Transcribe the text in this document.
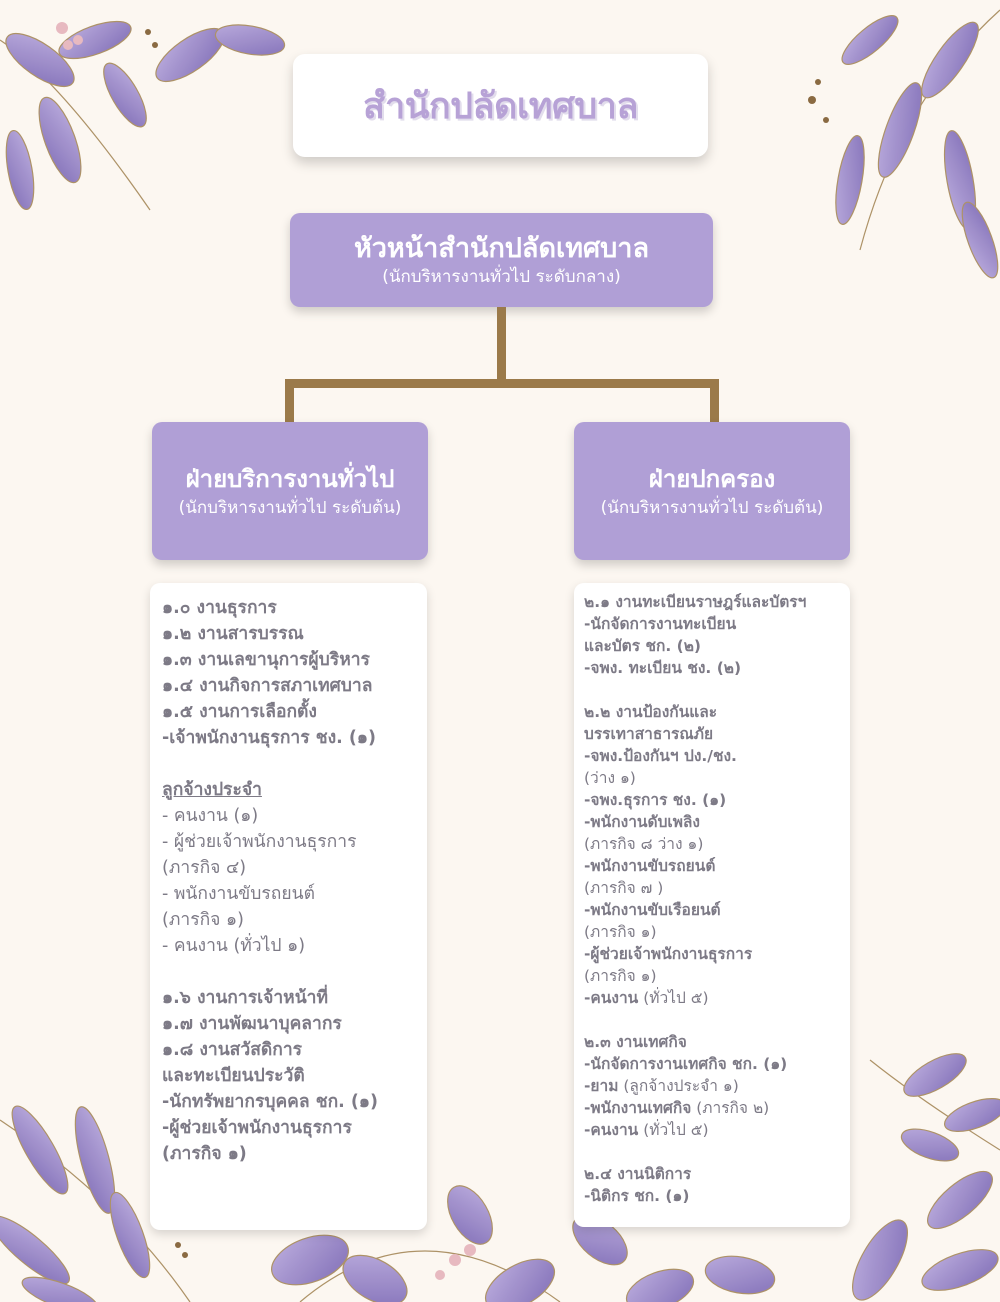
สำนักปลัดเทศบาล
หัวหน้าสำนักปลัดเทศบาล
(นักบริหารงานทั่วไป ระดับกลาง)
ฝ่ายบริการงานทั่วไป
(นักบริหารงานทั่วไป ระดับต้น)
ฝ่ายปกครอง
(นักบริหารงานทั่วไป ระดับต้น)
๑.๐ งานธุรการ
๑.๒ งานสารบรรณ
๑.๓ งานเลขานุการผู้บริหาร
๑.๔ งานกิจการสภาเทศบาล
๑.๕ งานการเลือกตั้ง
-เจ้าพนักงานธุรการ ชง. (๑)
ลูกจ้างประจำ
- คนงาน (๑)
- ผู้ช่วยเจ้าพนักงานธุรการ
(ภารกิจ ๔)
- พนักงานขับรถยนต์
(ภารกิจ ๑)
- คนงาน (ทั่วไป ๑)
๑.๖ งานการเจ้าหน้าที่
๑.๗ งานพัฒนาบุคลากร
๑.๘ งานสวัสดิการ
และทะเบียนประวัติ
-นักทรัพยากรบุคคล ชก. (๑)
-ผู้ช่วยเจ้าพนักงานธุรการ
(ภารกิจ ๑)
๒.๑ งานทะเบียนราษฎร์และบัตรฯ
-นักจัดการงานทะเบียน
และบัตร ชก. (๒)
-จพง. ทะเบียน ชง. (๒)
๒.๒ งานป้องกันและ
บรรเทาสาธารณภัย
-จพง.ป้องกันฯ ปง./ชง.
(ว่าง ๑)
-จพง.ธุรการ ชง. (๑)
-พนักงานดับเพลิง
(ภารกิจ ๘ ว่าง ๑)
-พนักงานขับรถยนต์
(ภารกิจ ๗ )
-พนักงานขับเรือยนต์
(ภารกิจ ๑)
-ผู้ช่วยเจ้าพนักงานธุรการ
(ภารกิจ ๑)
-คนงาน (ทั่วไป ๕)
๒.๓ งานเทศกิจ
-นักจัดการงานเทศกิจ ชก. (๑)
-ยาม (ลูกจ้างประจำ ๑)
-พนักงานเทศกิจ (ภารกิจ ๒)
-คนงาน (ทั่วไป ๕)
๒.๔ งานนิติการ
-นิติกร ชก. (๑)
